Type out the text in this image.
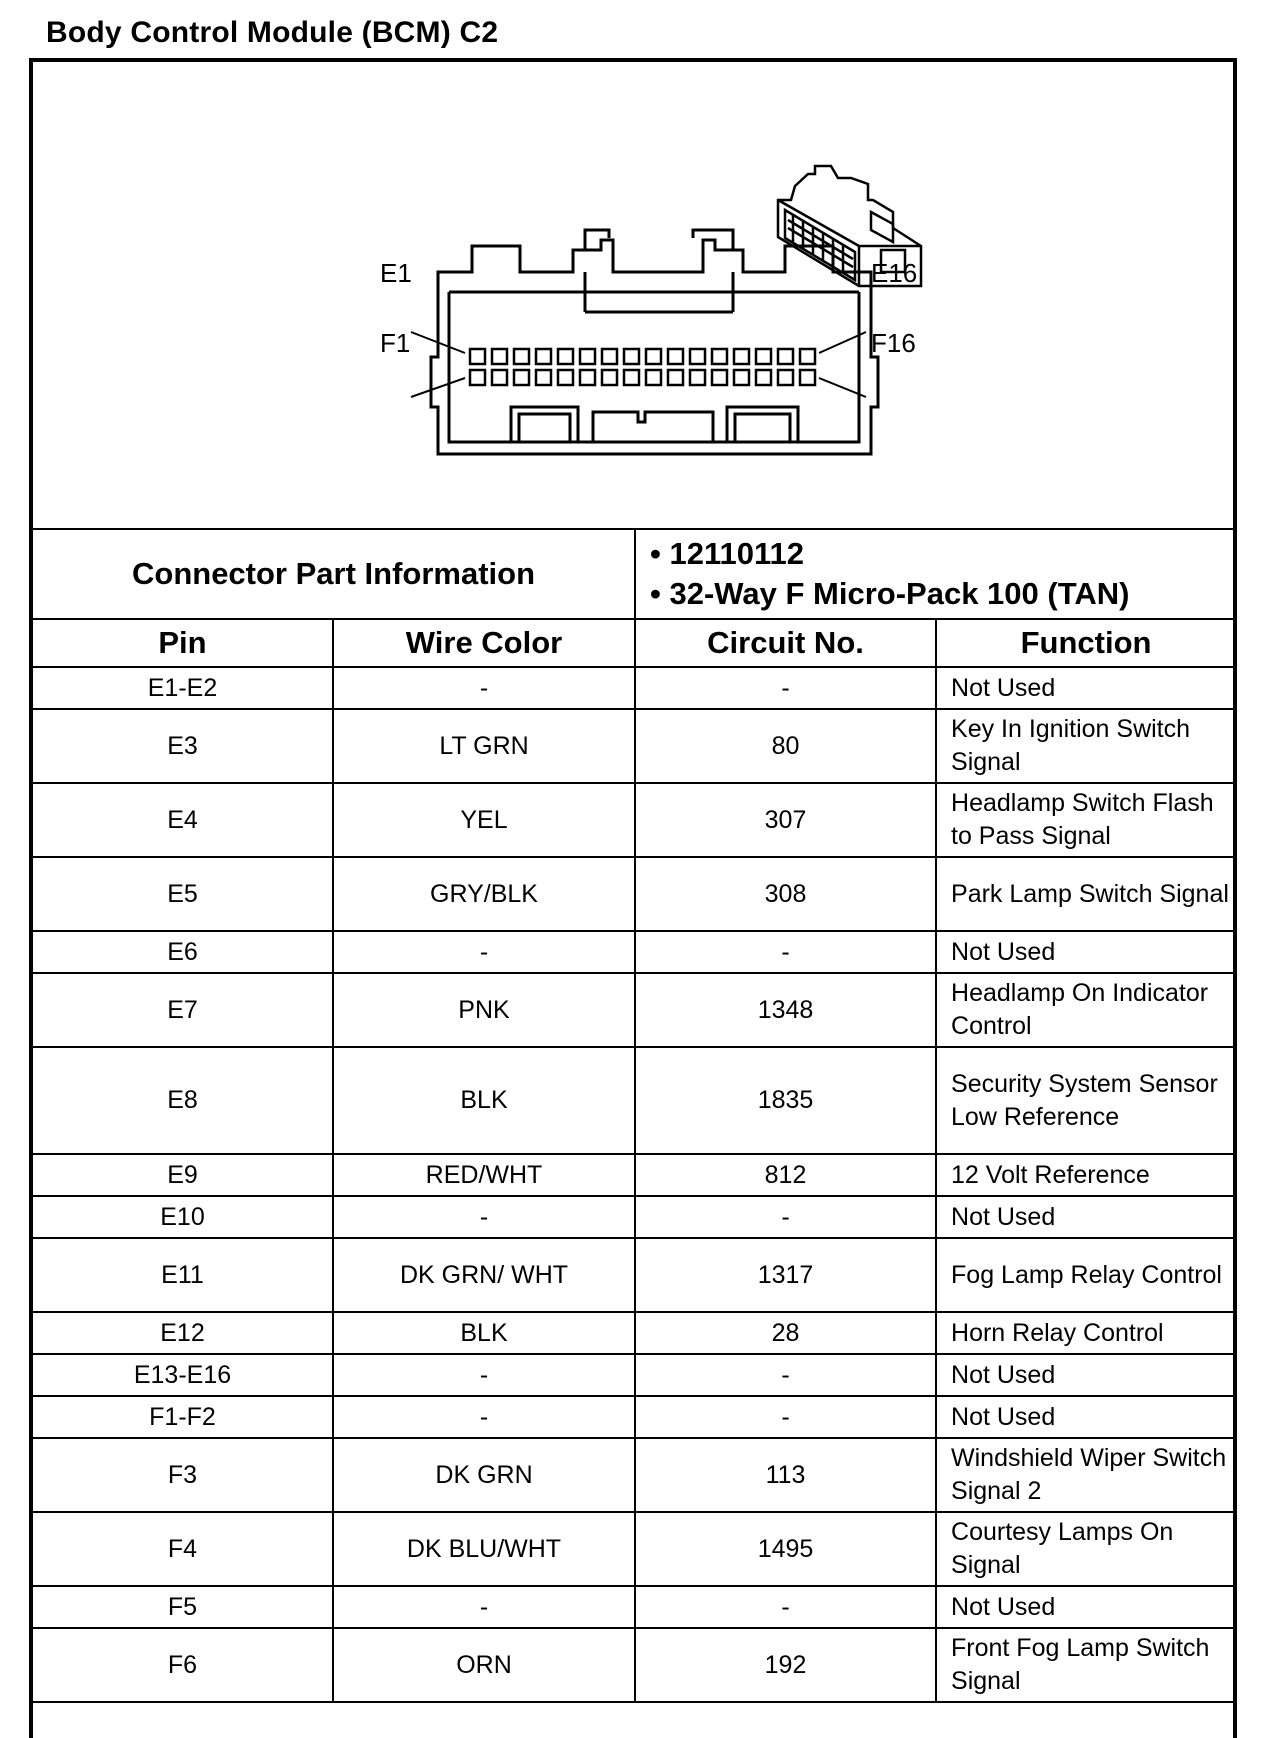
Body Control Module (BCM) C2
E1
F1
E16
F16
Connector Part Information		• 12110112
• 32-Way F Micro-Pack 100 (TAN)	

Pin	Wire Color	Circuit No.	Function
E1-E2	-	-	Not Used
E3	LT GRN	80	Key In Ignition Switch Signal
E4	YEL	307	Headlamp Switch Flash to Pass Signal
E5	GRY/BLK	308	Park Lamp Switch Signal
E6	-	-	Not Used
E7	PNK	1348	Headlamp On Indicator Control
E8	BLK	1835	Security System Sensor Low Reference
E9	RED/WHT	812	12 Volt Reference
E10	-	-	Not Used
E11	DK GRN/ WHT	1317	Fog Lamp Relay Control
E12	BLK	28	Horn Relay Control
E13-E16	-	-	Not Used
F1-F2	-	-	Not Used
F3	DK GRN	113	Windshield Wiper Switch Signal 2
F4	DK BLU/WHT	1495	Courtesy Lamps On Signal
F5	-	-	Not Used
F6	ORN	192	Front Fog Lamp Switch Signal
